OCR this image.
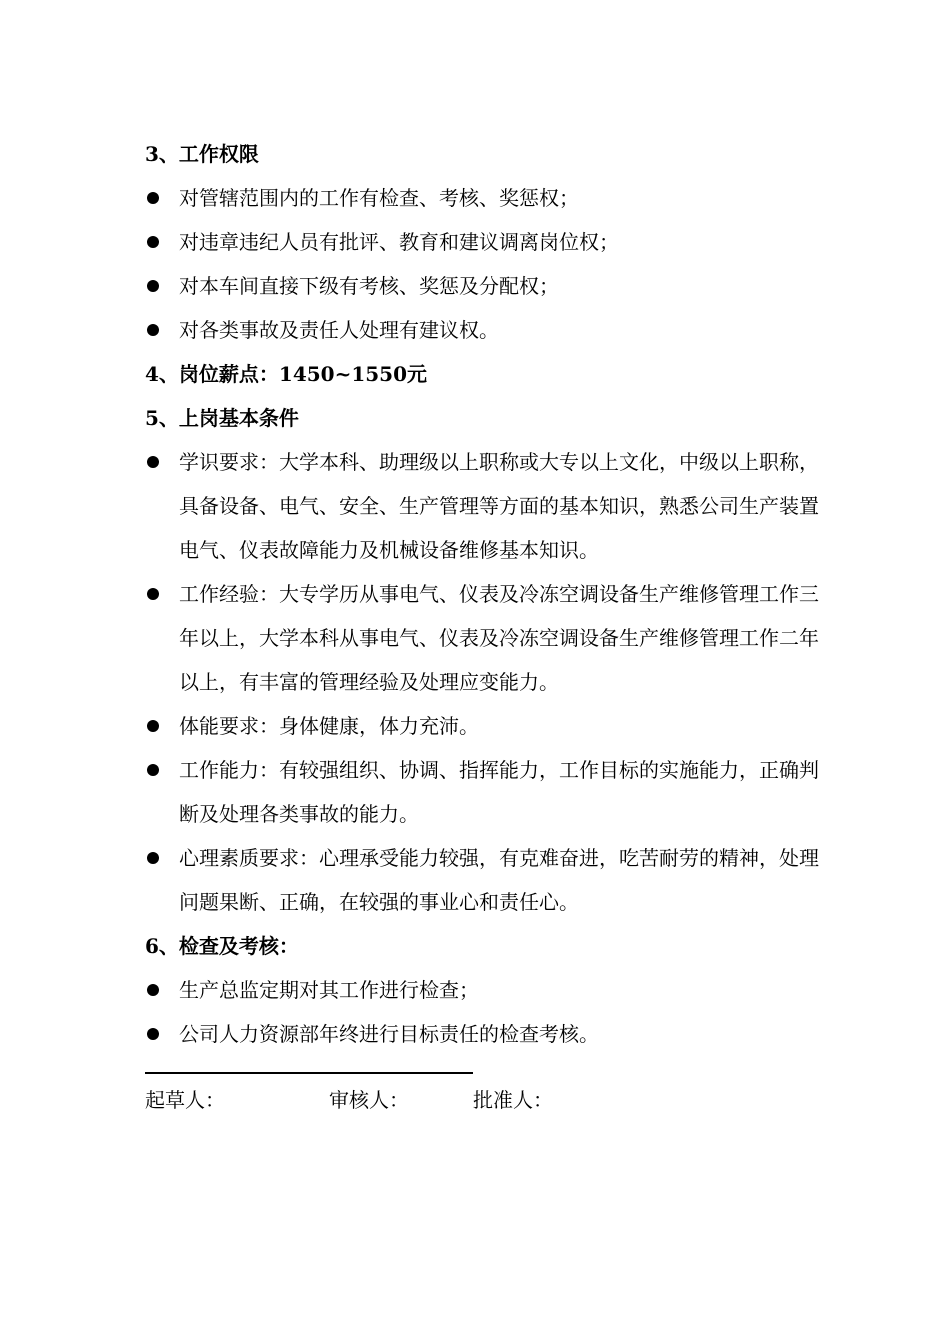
3、工作权限
对管辖范围内的工作有检查、考核、奖惩权；
对违章违纪人员有批评、教育和建议调离岗位权；
对本车间直接下级有考核、奖惩及分配权；
对各类事故及责任人处理有建议权。
4、岗位薪点：1450~1550元
5、上岗基本条件
学识要求：大学本科、助理级以上职称或大专以上文化，中级以上职称，具备设备、电气、安全、生产管理等方面的基本知识，熟悉公司生产装置电气、仪表故障能力及机械设备维修基本知识。
工作经验：大专学历从事电气、仪表及冷冻空调设备生产维修管理工作三年以上，大学本科从事电气、仪表及冷冻空调设备生产维修管理工作二年以上，有丰富的管理经验及处理应变能力。
体能要求：身体健康，体力充沛。
工作能力：有较强组织、协调、指挥能力，工作目标的实施能力，正确判断及处理各类事故的能力。
心理素质要求：心理承受能力较强，有克难奋进，吃苦耐劳的精神，处理问题果断、正确，在较强的事业心和责任心。
6、检查及考核：
生产总监定期对其工作进行检查；
公司人力资源部年终进行目标责任的检查考核。
起草人：	审核人：	批准人：
